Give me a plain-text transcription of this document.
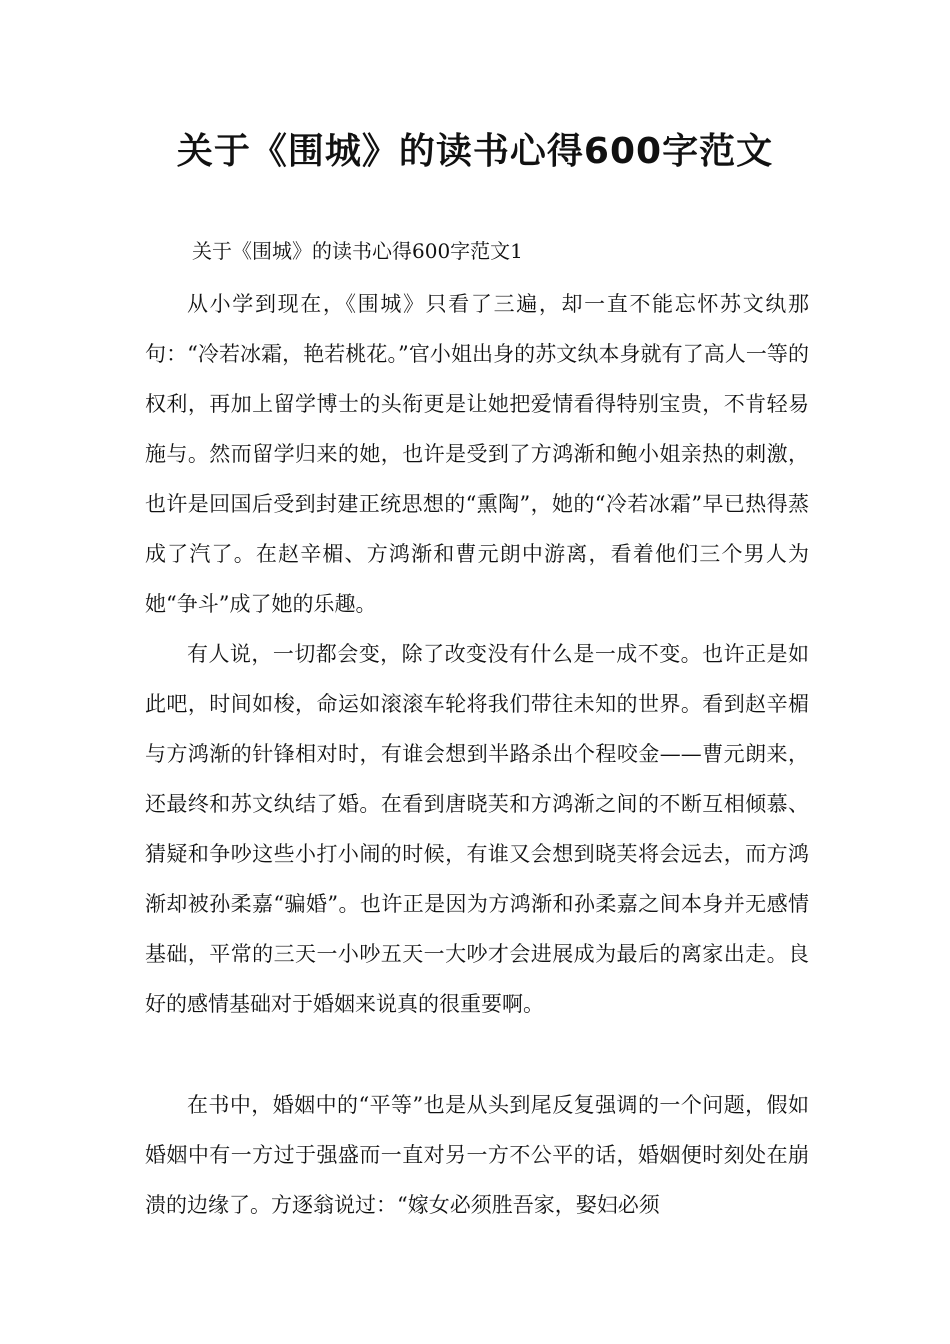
关于《围城》的读书心得600字范文

关于《围城》的读书心得600字范文1

从小学到现在，《围城》只看了三遍，却一直不能忘怀苏文纨那句：“冷若冰霜，艳若桃花。”官小姐出身的苏文纨本身就有了高人一等的权利，再加上留学博士的头衔更是让她把爱情看得特别宝贵，不肯轻易施与。然而留学归来的她，也许是受到了方鸿渐和鲍小姐亲热的刺激，也许是回国后受到封建正统思想的“熏陶”，她的“冷若冰霜”早已热得蒸成了汽了。在赵辛楣、方鸿渐和曹元朗中游离，看着他们三个男人为她“争斗”成了她的乐趣。

有人说，一切都会变，除了改变没有什么是一成不变。也许正是如此吧，时间如梭，命运如滚滚车轮将我们带往未知的世界。看到赵辛楣与方鸿渐的针锋相对时，有谁会想到半路杀出个程咬金——曹元朗来，还最终和苏文纨结了婚。在看到唐晓芙和方鸿渐之间的不断互相倾慕、猜疑和争吵这些小打小闹的时候，有谁又会想到晓芙将会远去，而方鸿渐却被孙柔嘉“骗婚”。也许正是因为方鸿渐和孙柔嘉之间本身并无感情基础，平常的三天一小吵五天一大吵才会进展成为最后的离家出走。良好的感情基础对于婚姻来说真的很重要啊。

在书中，婚姻中的“平等”也是从头到尾反复强调的一个问题，假如婚姻中有一方过于强盛而一直对另一方不公平的话，婚姻便时刻处在崩溃的边缘了。方逐翁说过：“嫁女必须胜吾家，娶妇必须
